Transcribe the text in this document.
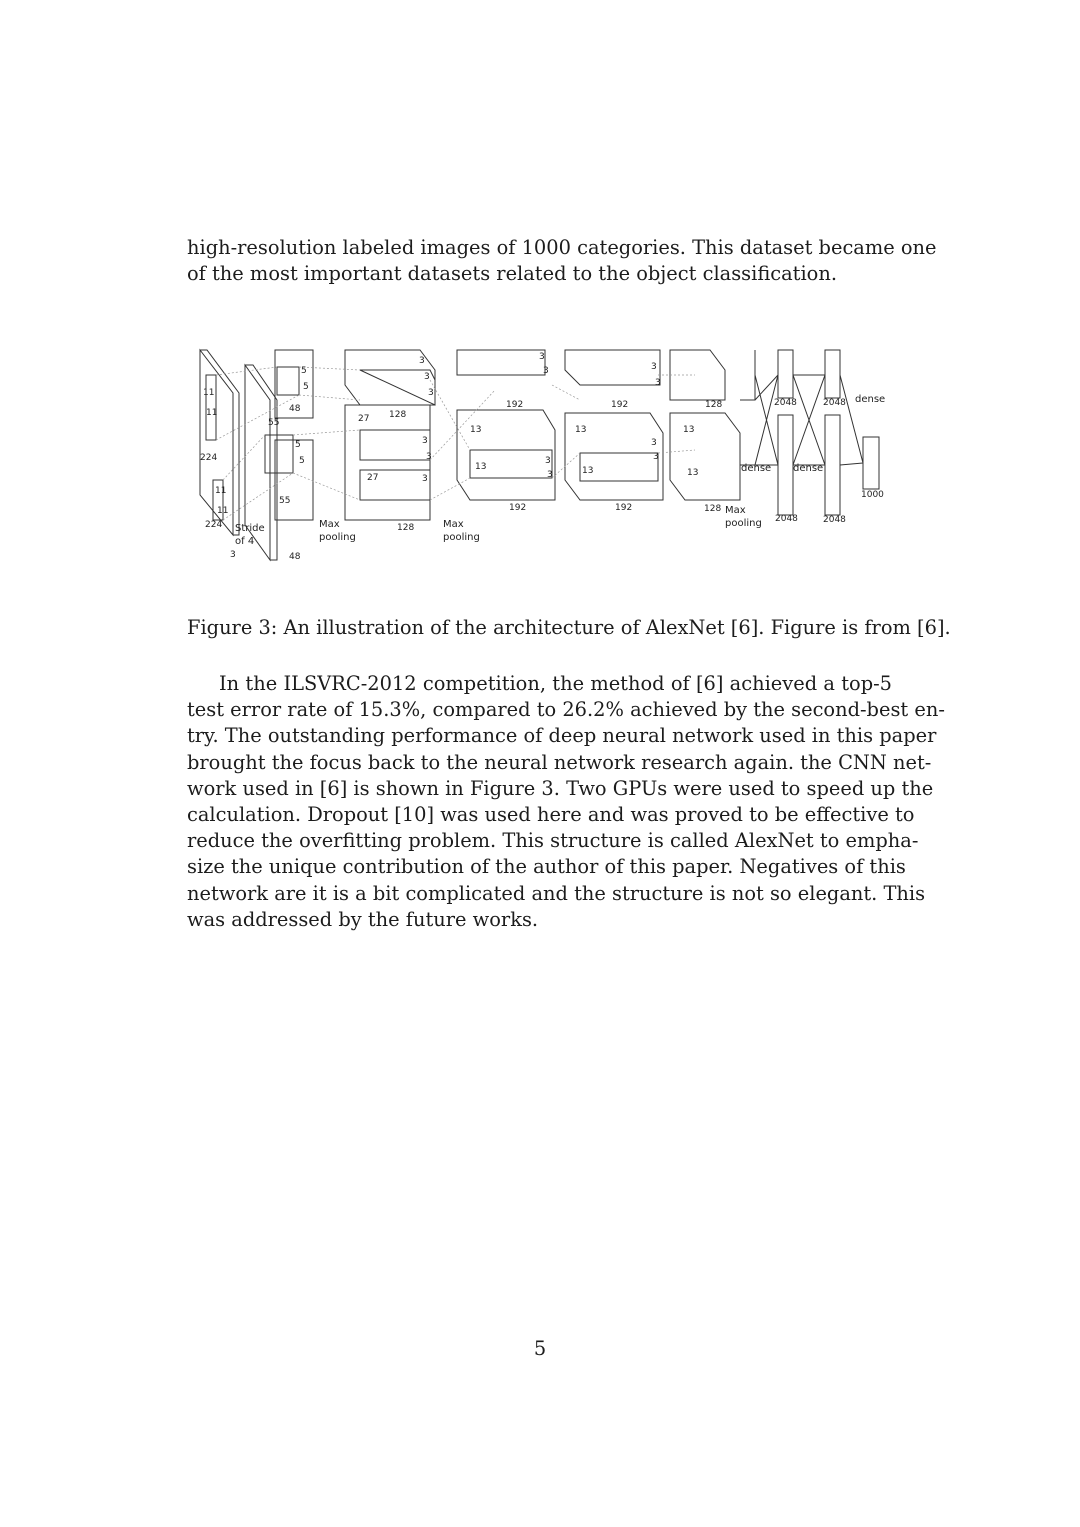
high-resolution labeled images of 1000 categories. This dataset became one
of the most important datasets related to the object classification.
11
11
224
11
11
224 Stride
of 4
3
5
5
48
55
5
5
55
48
Max
pooling
27 128
27
128
3
3
3
3
3
3
Max
pooling
192
13
13
192
3
3
3
3
192
13
13
192
3
3
3
3
128
13
13
128 Max
pooling
2048	2048
2048	2048
dense
dense dense
1000

Figure 3: An illustration of the architecture of AlexNet [6]. Figure is from [6].

In the ILSVRC-2012 competition, the method of [6] achieved a top-5
test error rate of 15.3%, compared to 26.2% achieved by the second-best en-
try. The outstanding performance of deep neural network used in this paper
brought the focus back to the neural network research again. the CNN net-
work used in [6] is shown in Figure 3. Two GPUs were used to speed up the
calculation. Dropout [10] was used here and was proved to be effective to
reduce the overfitting problem. This structure is called AlexNet to empha-
size the unique contribution of the author of this paper. Negatives of this
network are it is a bit complicated and the structure is not so elegant. This
was addressed by the future works.

5
